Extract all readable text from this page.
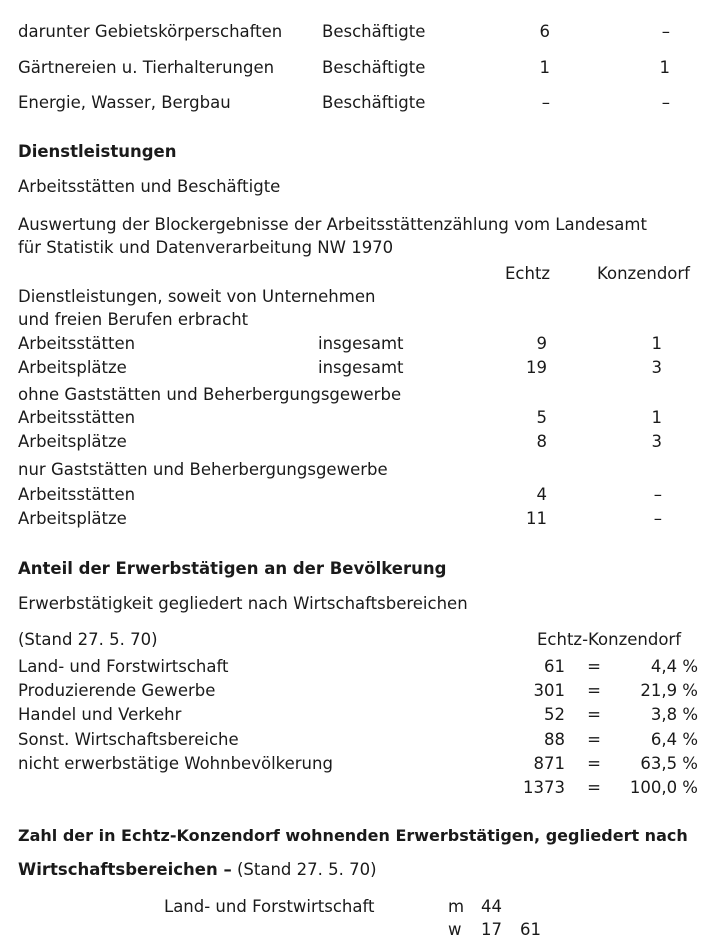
darunter Gebietskörperschaften Beschäftigte	6	–
Gärtnereien u. Tierhalterungen	Beschäftigte	1	1
Energie, Wasser, Bergbau	Beschäftigte	–	–
Dienstleistungen
Arbeitsstätten und Beschäftigte
Auswertung der Blockergebnisse der Arbeitsstättenzählung vom Landesamt
für Statistik und Datenverarbeitung NW 1970
Echtz	Konzendorf
Dienstleistungen, soweit von Unternehmen
und freien Berufen erbracht
Arbeitsstätten	insgesamt	9	1
Arbeitsplätze	insgesamt	19	3
ohne Gaststätten und Beherbergungsgewerbe
Arbeitsstätten	5	1
Arbeitsplätze	8	3
nur Gaststätten und Beherbergungsgewerbe
Arbeitsstätten	4	–
Arbeitsplätze	11	–
Anteil der Erwerbstätigen an der Bevölkerung
Erwerbstätigkeit gegliedert nach Wirtschaftsbereichen
(Stand 27. 5. 70)	Echtz-Konzendorf
Land- und Forstwirtschaft	61	=	4,4 %
Produzierende Gewerbe	301	=	21,9 %
Handel und Verkehr	52	=	3,8 %
Sonst. Wirtschaftsbereiche	88	=	6,4 %
nicht erwerbstätige Wohnbevölkerung	871	=	63,5 %
1373	=	100,0 %
Zahl der in Echtz-Konzendorf wohnenden Erwerbstätigen, gegliedert nach
Wirtschaftsbereichen – (Stand 27. 5. 70)
Land- und Forstwirtschaft	m 44
w 17 61
